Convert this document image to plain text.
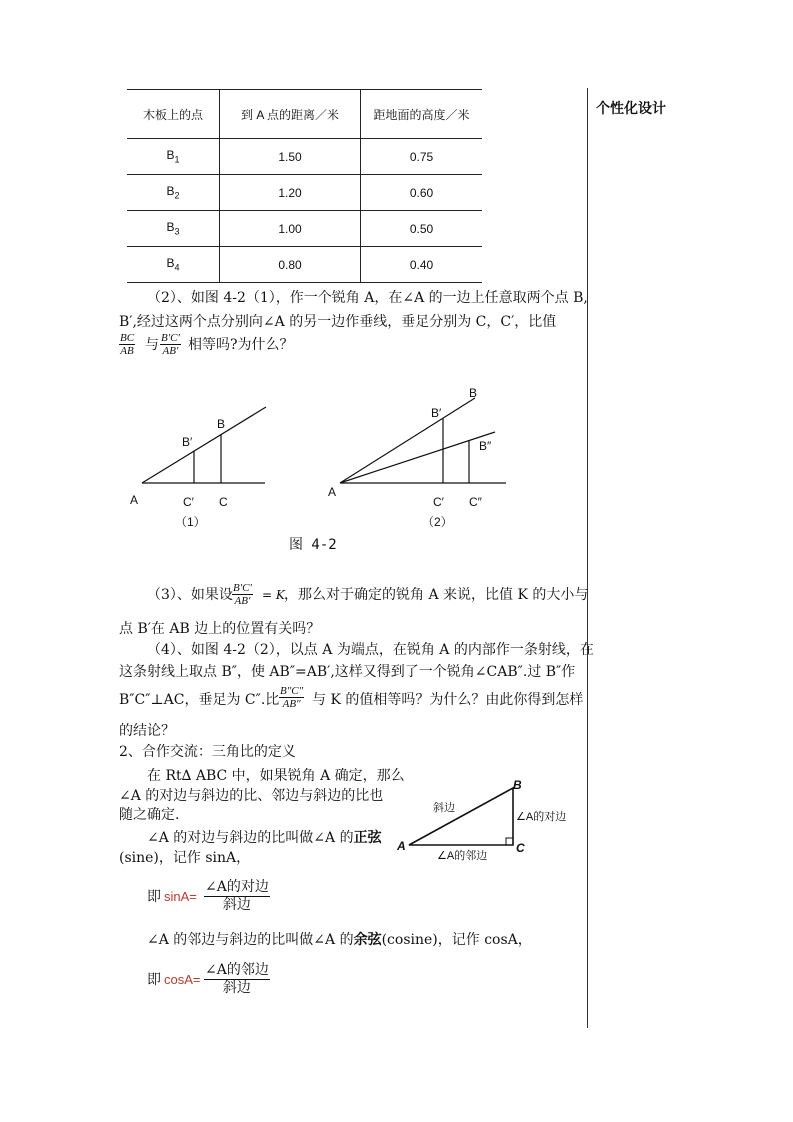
个性化设计
木板上的点	到 A 点的距离／米	距地面的高度／米
$B_1$	1.50	0.75
$B_2$	1.20	0.60
$B_3$	1.00	0.50
$B_4$	0.80	0.40
（2）、如图 4-2（1），作一个锐角 A，在∠A 的一边上任意取两个点 B,
B′,经过这两个点分别向∠A 的另一边作垂线，垂足分别为 C，C′，比值
$\frac{BC}{AB}$ 与 $\frac{B'C'}{AB'}$ 相等吗?为什么？
A
B
B′
C′ C
（1）
A
B
B′
B″
C′ C″
（2）
图 4-2
（3）、如果设 $\frac{B'C'}{AB'} = K$ ，那么对于确定的锐角 A 来说，比值 K 的大小与
点 B′在 AB 边上的位置有关吗？
（4）、如图 4-2（2），以点 A 为端点，在锐角 A 的内部作一条射线，在
这条射线上取点 B″，使 AB″=AB′,这样又得到了一个锐角∠CAB″.过 B″作
B″C″⊥AC，垂足为 C″.比 $\frac{B''C''}{AB''}$ 与 K 的值相等吗？为什么？由此你得到怎样
的结论？
2、合作交流：三角比的定义
在 Rt∆ ABC 中，如果锐角 A 确定，那么
∠A 的对边与斜边的比、邻边与斜边的比也
随之确定.
∠A 的对边与斜边的比叫做∠A 的正弦
(sine)，记作 sinA，
A
B
C
斜边
∠A的对边
∠A的邻边
即 sinA=
∠A的对边
斜边
∠A 的邻边与斜边的比叫做∠A 的余弦(cosine)，记作 cosA，
即 cosA=
∠A的邻边
斜边
